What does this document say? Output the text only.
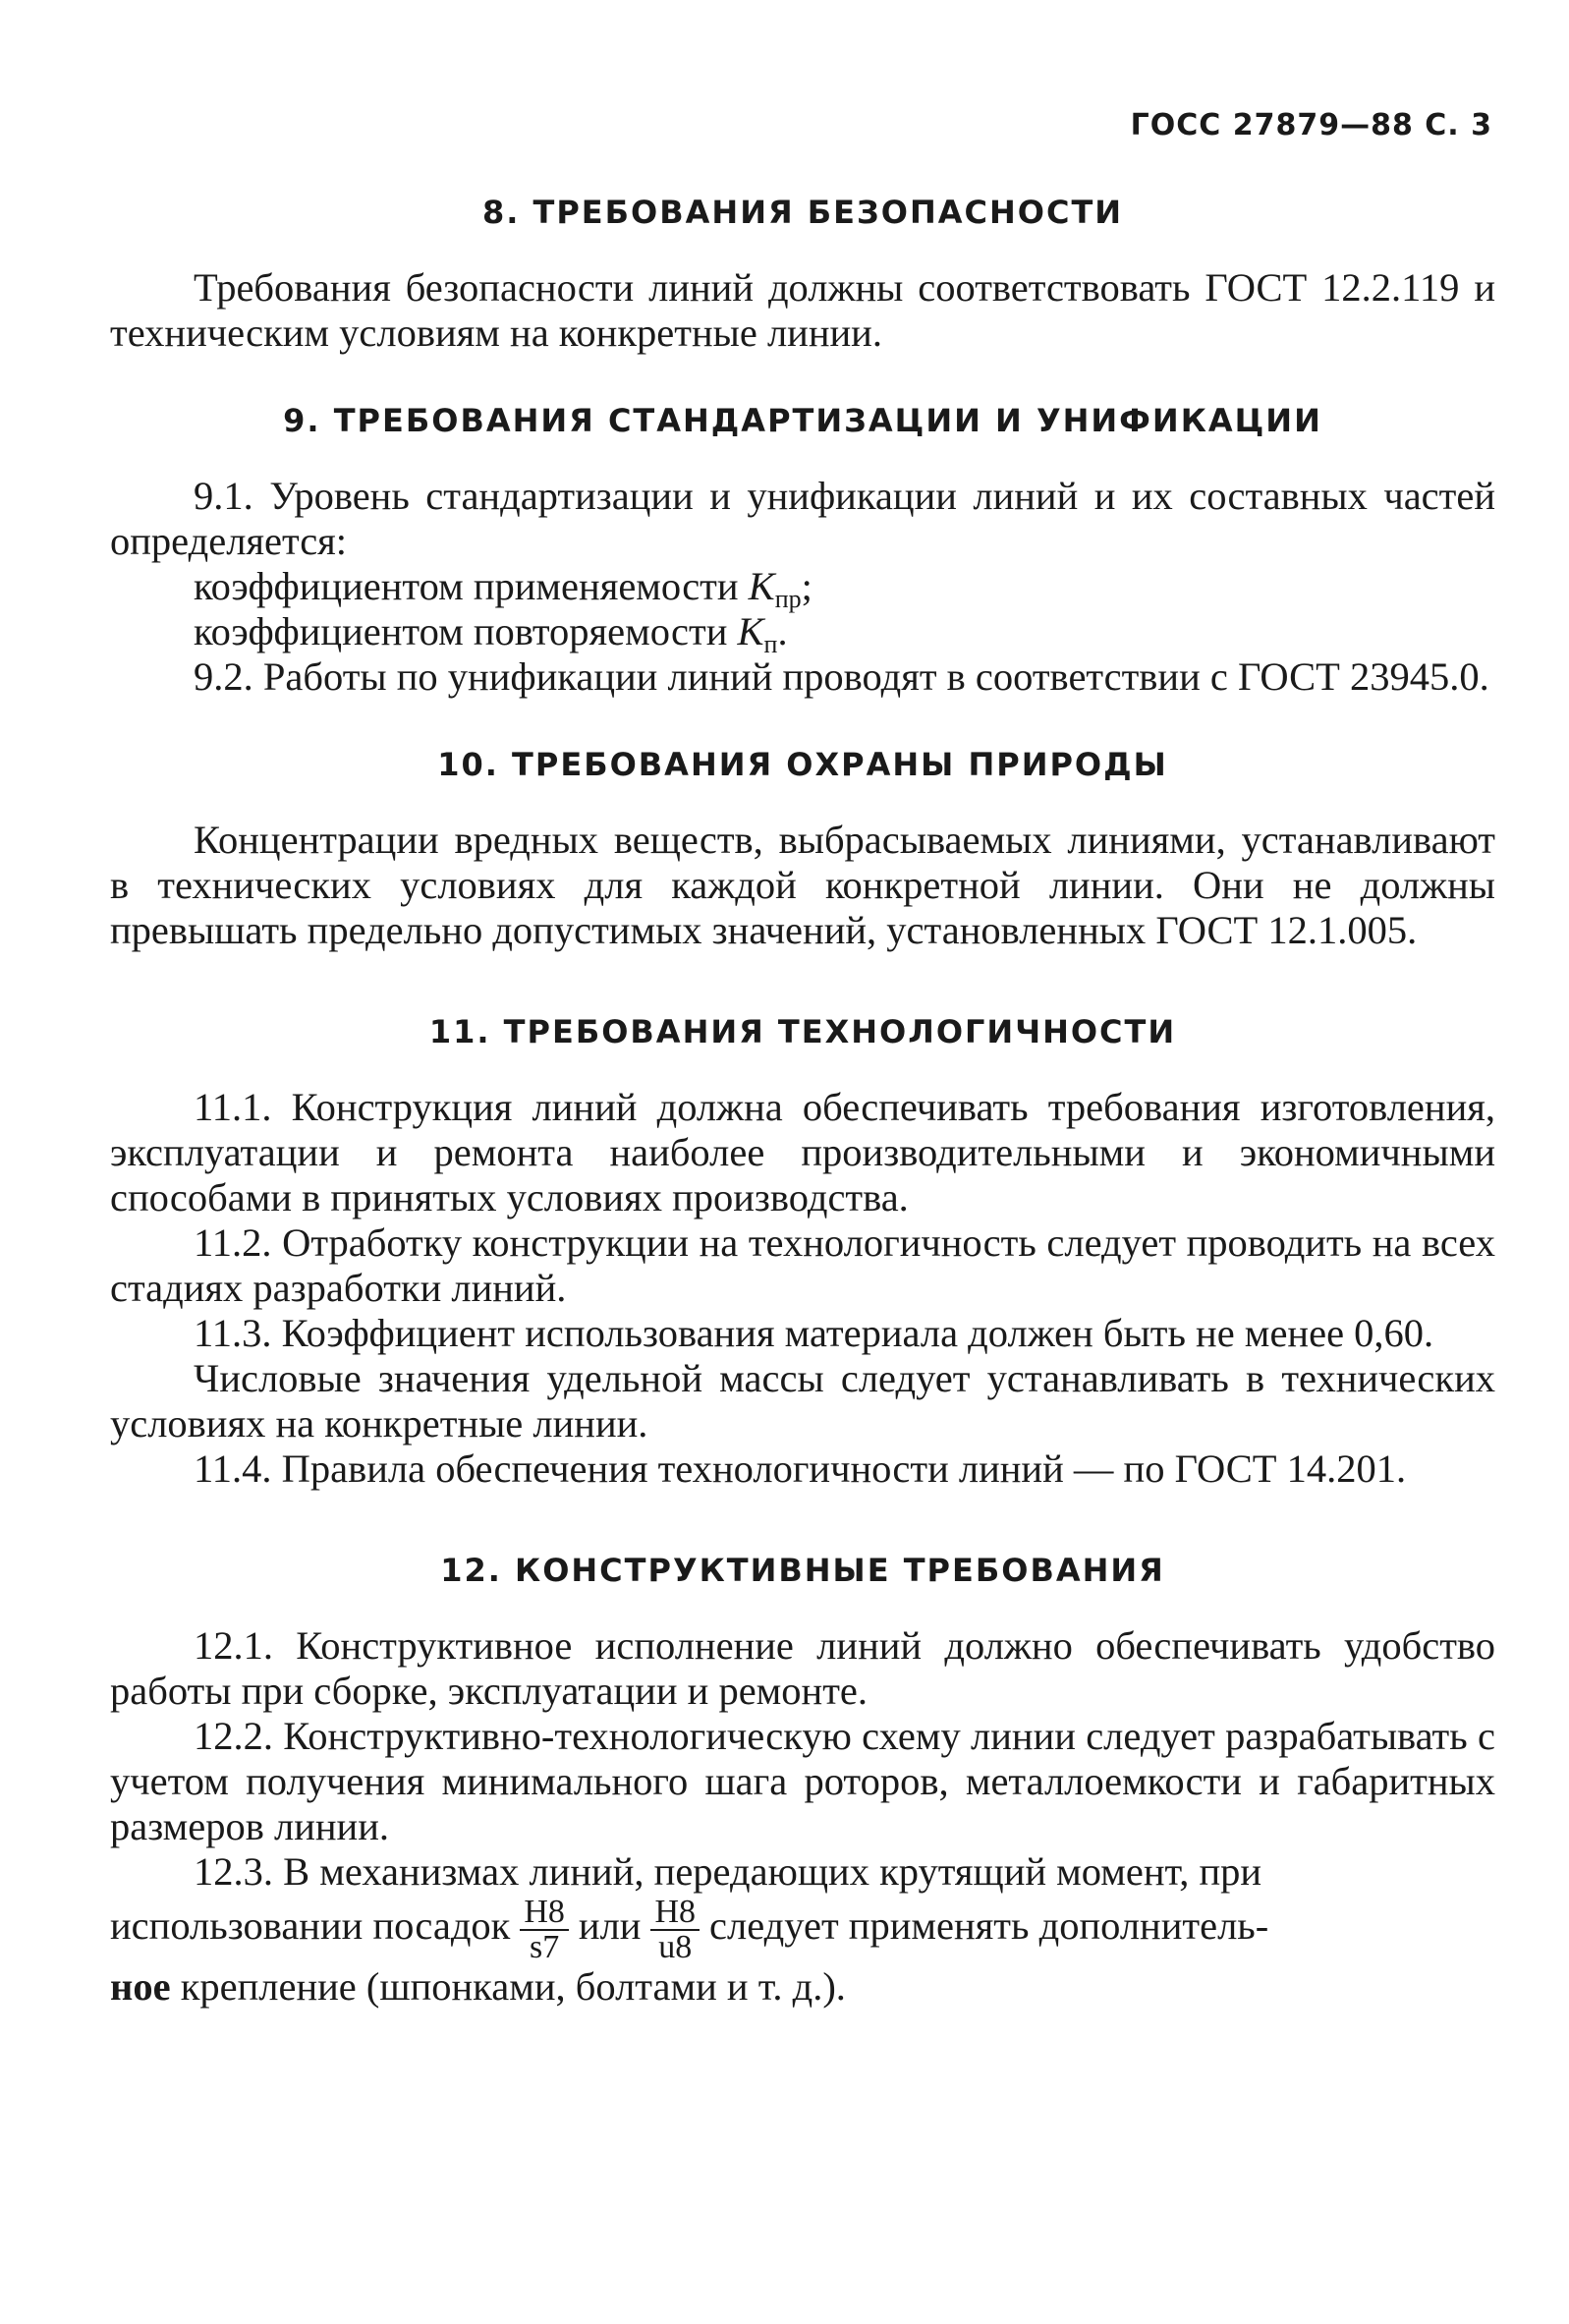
ГОСС 27879—88 С. 3

8. ТРЕБОВАНИЯ БЕЗОПАСНОСТИ

Требования безопасности линий должны соответствовать ГОСТ 12.2.119 и техническим условиям на конкретные линии.

9. ТРЕБОВАНИЯ СТАНДАРТИЗАЦИИ И УНИФИКАЦИИ

9.1. Уровень стандартизации и унификации линий и их составных частей определяется:

коэффициентом применяемости $K_{пр}$;

коэффициентом повторяемости $K_п$.

9.2. Работы по унификации линий проводят в соответствии с ГОСТ 23945.0.

10. ТРЕБОВАНИЯ ОХРАНЫ ПРИРОДЫ

Концентрации вредных веществ, выбрасываемых линиями, устанавливают в технических условиях для каждой конкретной линии. Они не должны превышать предельно допустимых значений, установленных ГОСТ 12.1.005.

11. ТРЕБОВАНИЯ ТЕХНОЛОГИЧНОСТИ

11.1. Конструкция линий должна обеспечивать требования изготовления, эксплуатации и ремонта наиболее производительными и экономичными способами в принятых условиях производства.

11.2. Отработку конструкции на технологичность следует проводить на всех стадиях разработки линий.

11.3. Коэффициент использования материала должен быть не менее 0,60.

Числовые значения удельной массы следует устанавливать в технических условиях на конкретные линии.

11.4. Правила обеспечения технологичности линий — по ГОСТ 14.201.

12. КОНСТРУКТИВНЫЕ ТРЕБОВАНИЯ

12.1. Конструктивное исполнение линий должно обеспечивать удобство работы при сборке, эксплуатации и ремонте.

12.2. Конструктивно-технологическую схему линии следует разрабатывать с учетом получения минимального шага роторов, металлоемкости и габаритных размеров линии.

12.3. В механизмах линий, передающих крутящий момент, при

использовании посадок $\frac{H8}{s7}$ или $\frac{H8}{u8}$ следует применять дополнитель-

ное крепление (шпонками, болтами и т. д.).
